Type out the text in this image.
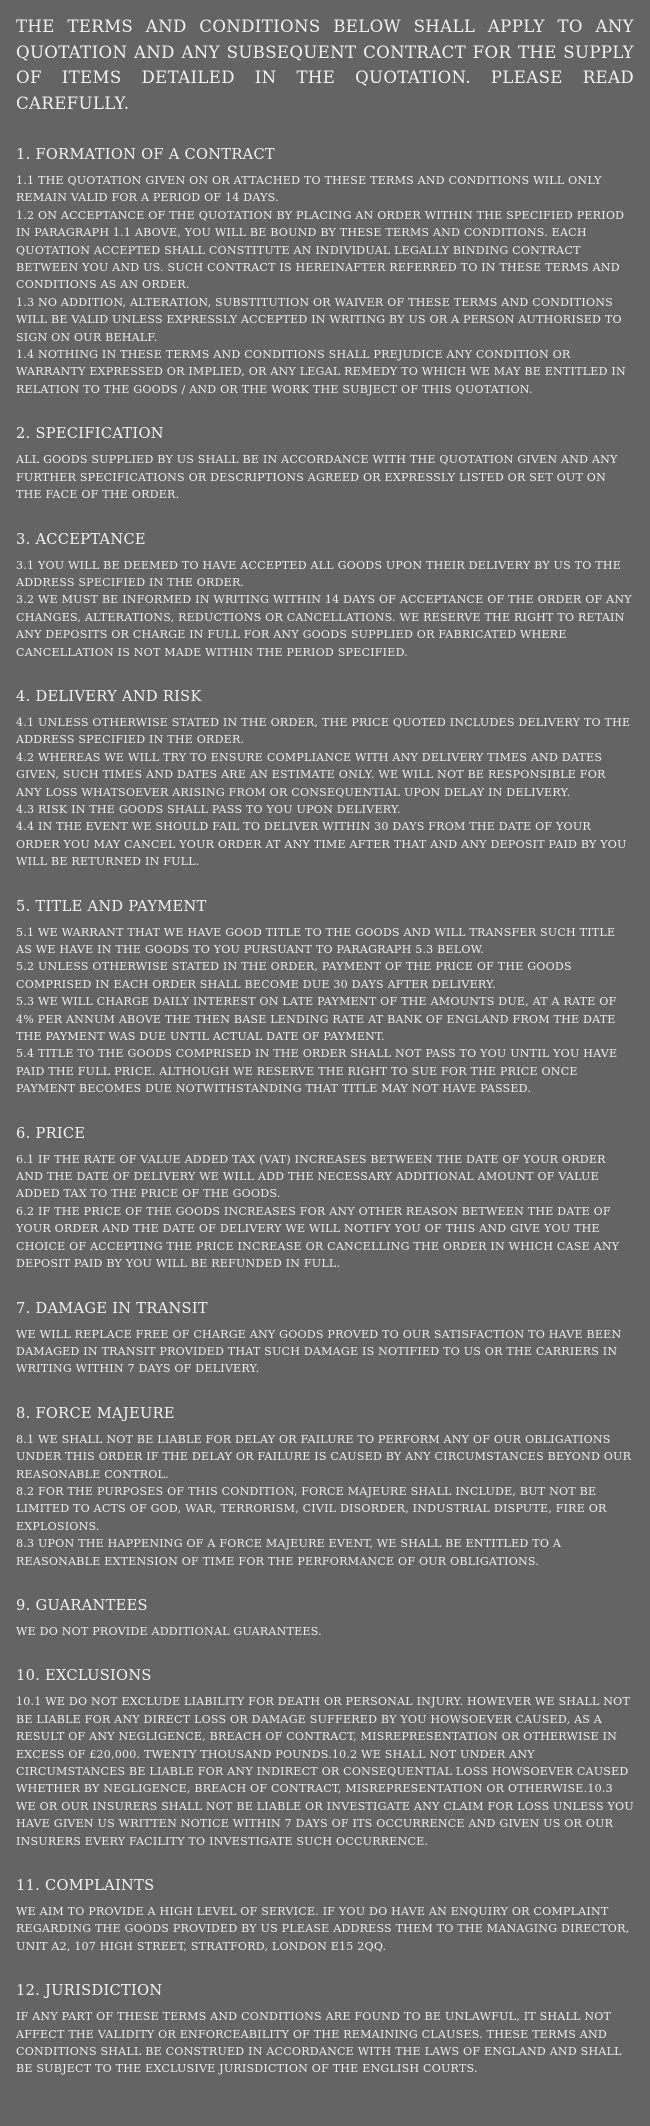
THE TERMS AND CONDITIONS BELOW SHALL APPLY TO ANY QUOTATION AND ANY SUBSEQUENT CONTRACT FOR THE SUPPLY OF ITEMS DETAILED IN THE QUOTATION. PLEASE READ CAREFULLY.

1. FORMATION OF A CONTRACT

1.1 THE QUOTATION GIVEN ON OR ATTACHED TO THESE TERMS AND CONDITIONS WILL ONLY REMAIN VALID FOR A PERIOD OF 14 DAYS.

1.2 ON ACCEPTANCE OF THE QUOTATION BY PLACING AN ORDER WITHIN THE SPECIFIED PERIOD IN PARAGRAPH 1.1 ABOVE, YOU WILL BE BOUND BY THESE TERMS AND CONDITIONS. EACH QUOTATION ACCEPTED SHALL CONSTITUTE AN INDIVIDUAL LEGALLY BINDING CONTRACT BETWEEN YOU AND US. SUCH CONTRACT IS HEREINAFTER REFERRED TO IN THESE TERMS AND CONDITIONS AS AN ORDER.

1.3 NO ADDITION, ALTERATION, SUBSTITUTION OR WAIVER OF THESE TERMS AND CONDITIONS WILL BE VALID UNLESS EXPRESSLY ACCEPTED IN WRITING BY US OR A PERSON AUTHORISED TO SIGN ON OUR BEHALF.

1.4 NOTHING IN THESE TERMS AND CONDITIONS SHALL PREJUDICE ANY CONDITION OR WARRANTY EXPRESSED OR IMPLIED, OR ANY LEGAL REMEDY TO WHICH WE MAY BE ENTITLED IN RELATION TO THE GOODS / AND OR THE WORK THE SUBJECT OF THIS QUOTATION.

2. SPECIFICATION

ALL GOODS SUPPLIED BY US SHALL BE IN ACCORDANCE WITH THE QUOTATION GIVEN AND ANY FURTHER SPECIFICATIONS OR DESCRIPTIONS AGREED OR EXPRESSLY LISTED OR SET OUT ON THE FACE OF THE ORDER.

3. ACCEPTANCE

3.1 YOU WILL BE DEEMED TO HAVE ACCEPTED ALL GOODS UPON THEIR DELIVERY BY US TO THE ADDRESS SPECIFIED IN THE ORDER.

3.2 WE MUST BE INFORMED IN WRITING WITHIN 14 DAYS OF ACCEPTANCE OF THE ORDER OF ANY CHANGES, ALTERATIONS, REDUCTIONS OR CANCELLATIONS. WE RESERVE THE RIGHT TO RETAIN ANY DEPOSITS OR CHARGE IN FULL FOR ANY GOODS SUPPLIED OR FABRICATED WHERE CANCELLATION IS NOT MADE WITHIN THE PERIOD SPECIFIED.

4. DELIVERY AND RISK

4.1 UNLESS OTHERWISE STATED IN THE ORDER, THE PRICE QUOTED INCLUDES DELIVERY TO THE ADDRESS SPECIFIED IN THE ORDER.

4.2 WHEREAS WE WILL TRY TO ENSURE COMPLIANCE WITH ANY DELIVERY TIMES AND DATES GIVEN, SUCH TIMES AND DATES ARE AN ESTIMATE ONLY. WE WILL NOT BE RESPONSIBLE FOR ANY LOSS WHATSOEVER ARISING FROM OR CONSEQUENTIAL UPON DELAY IN DELIVERY.

4.3 RISK IN THE GOODS SHALL PASS TO YOU UPON DELIVERY.

4.4 IN THE EVENT WE SHOULD FAIL TO DELIVER WITHIN 30 DAYS FROM THE DATE OF YOUR ORDER YOU MAY CANCEL YOUR ORDER AT ANY TIME AFTER THAT AND ANY DEPOSIT PAID BY YOU WILL BE RETURNED IN FULL.

5. TITLE AND PAYMENT

5.1 WE WARRANT THAT WE HAVE GOOD TITLE TO THE GOODS AND WILL TRANSFER SUCH TITLE AS WE HAVE IN THE GOODS TO YOU PURSUANT TO PARAGRAPH 5.3 BELOW.

5.2 UNLESS OTHERWISE STATED IN THE ORDER, PAYMENT OF THE PRICE OF THE GOODS COMPRISED IN EACH ORDER SHALL BECOME DUE 30 DAYS AFTER DELIVERY.

5.3 WE WILL CHARGE DAILY INTEREST ON LATE PAYMENT OF THE AMOUNTS DUE, AT A RATE OF 4% PER ANNUM ABOVE THE THEN BASE LENDING RATE AT BANK OF ENGLAND FROM THE DATE THE PAYMENT WAS DUE UNTIL ACTUAL DATE OF PAYMENT.

5.4 TITLE TO THE GOODS COMPRISED IN THE ORDER SHALL NOT PASS TO YOU UNTIL YOU HAVE PAID THE FULL PRICE. ALTHOUGH WE RESERVE THE RIGHT TO SUE FOR THE PRICE ONCE PAYMENT BECOMES DUE NOTWITHSTANDING THAT TITLE MAY NOT HAVE PASSED.

6. PRICE

6.1 IF THE RATE OF VALUE ADDED TAX (VAT) INCREASES BETWEEN THE DATE OF YOUR ORDER AND THE DATE OF DELIVERY WE WILL ADD THE NECESSARY ADDITIONAL AMOUNT OF VALUE ADDED TAX TO THE PRICE OF THE GOODS.

6.2 IF THE PRICE OF THE GOODS INCREASES FOR ANY OTHER REASON BETWEEN THE DATE OF YOUR ORDER AND THE DATE OF DELIVERY WE WILL NOTIFY YOU OF THIS AND GIVE YOU THE CHOICE OF ACCEPTING THE PRICE INCREASE OR CANCELLING THE ORDER IN WHICH CASE ANY DEPOSIT PAID BY YOU WILL BE REFUNDED IN FULL.

7. DAMAGE IN TRANSIT

WE WILL REPLACE FREE OF CHARGE ANY GOODS PROVED TO OUR SATISFACTION TO HAVE BEEN DAMAGED IN TRANSIT PROVIDED THAT SUCH DAMAGE IS NOTIFIED TO US OR THE CARRIERS IN WRITING WITHIN 7 DAYS OF DELIVERY.

8. FORCE MAJEURE

8.1 WE SHALL NOT BE LIABLE FOR DELAY OR FAILURE TO PERFORM ANY OF OUR OBLIGATIONS UNDER THIS ORDER IF THE DELAY OR FAILURE IS CAUSED BY ANY CIRCUMSTANCES BEYOND OUR REASONABLE CONTROL.

8.2 FOR THE PURPOSES OF THIS CONDITION, FORCE MAJEURE SHALL INCLUDE, BUT NOT BE LIMITED TO ACTS OF GOD, WAR, TERRORISM, CIVIL DISORDER, INDUSTRIAL DISPUTE, FIRE OR EXPLOSIONS.

8.3 UPON THE HAPPENING OF A FORCE MAJEURE EVENT, WE SHALL BE ENTITLED TO A REASONABLE EXTENSION OF TIME FOR THE PERFORMANCE OF OUR OBLIGATIONS.

9. GUARANTEES

WE DO NOT PROVIDE ADDITIONAL GUARANTEES.

10. EXCLUSIONS

10.1 WE DO NOT EXCLUDE LIABILITY FOR DEATH OR PERSONAL INJURY. HOWEVER WE SHALL NOT BE LIABLE FOR ANY DIRECT LOSS OR DAMAGE SUFFERED BY YOU HOWSOEVER CAUSED, AS A RESULT OF ANY NEGLIGENCE, BREACH OF CONTRACT, MISREPRESENTATION OR OTHERWISE IN EXCESS OF £20,000. TWENTY THOUSAND POUNDS.10.2 WE SHALL NOT UNDER ANY CIRCUMSTANCES BE LIABLE FOR ANY INDIRECT OR CONSEQUENTIAL LOSS HOWSOEVER CAUSED WHETHER BY NEGLIGENCE, BREACH OF CONTRACT, MISREPRESENTATION OR OTHERWISE.10.3 WE OR OUR INSURERS SHALL NOT BE LIABLE OR INVESTIGATE ANY CLAIM FOR LOSS UNLESS YOU HAVE GIVEN US WRITTEN NOTICE WITHIN 7 DAYS OF ITS OCCURRENCE AND GIVEN US OR OUR INSURERS EVERY FACILITY TO INVESTIGATE SUCH OCCURRENCE.

11. COMPLAINTS

WE AIM TO PROVIDE A HIGH LEVEL OF SERVICE. IF YOU DO HAVE AN ENQUIRY OR COMPLAINT REGARDING THE GOODS PROVIDED BY US PLEASE ADDRESS THEM TO THE MANAGING DIRECTOR, UNIT A2, 107 HIGH STREET, STRATFORD, LONDON E15 2QQ.

12. JURISDICTION

IF ANY PART OF THESE TERMS AND CONDITIONS ARE FOUND TO BE UNLAWFUL, IT SHALL NOT AFFECT THE VALIDITY OR ENFORCEABILITY OF THE REMAINING CLAUSES. THESE TERMS AND CONDITIONS SHALL BE CONSTRUED IN ACCORDANCE WITH THE LAWS OF ENGLAND AND SHALL BE SUBJECT TO THE EXCLUSIVE JURISDICTION OF THE ENGLISH COURTS.
